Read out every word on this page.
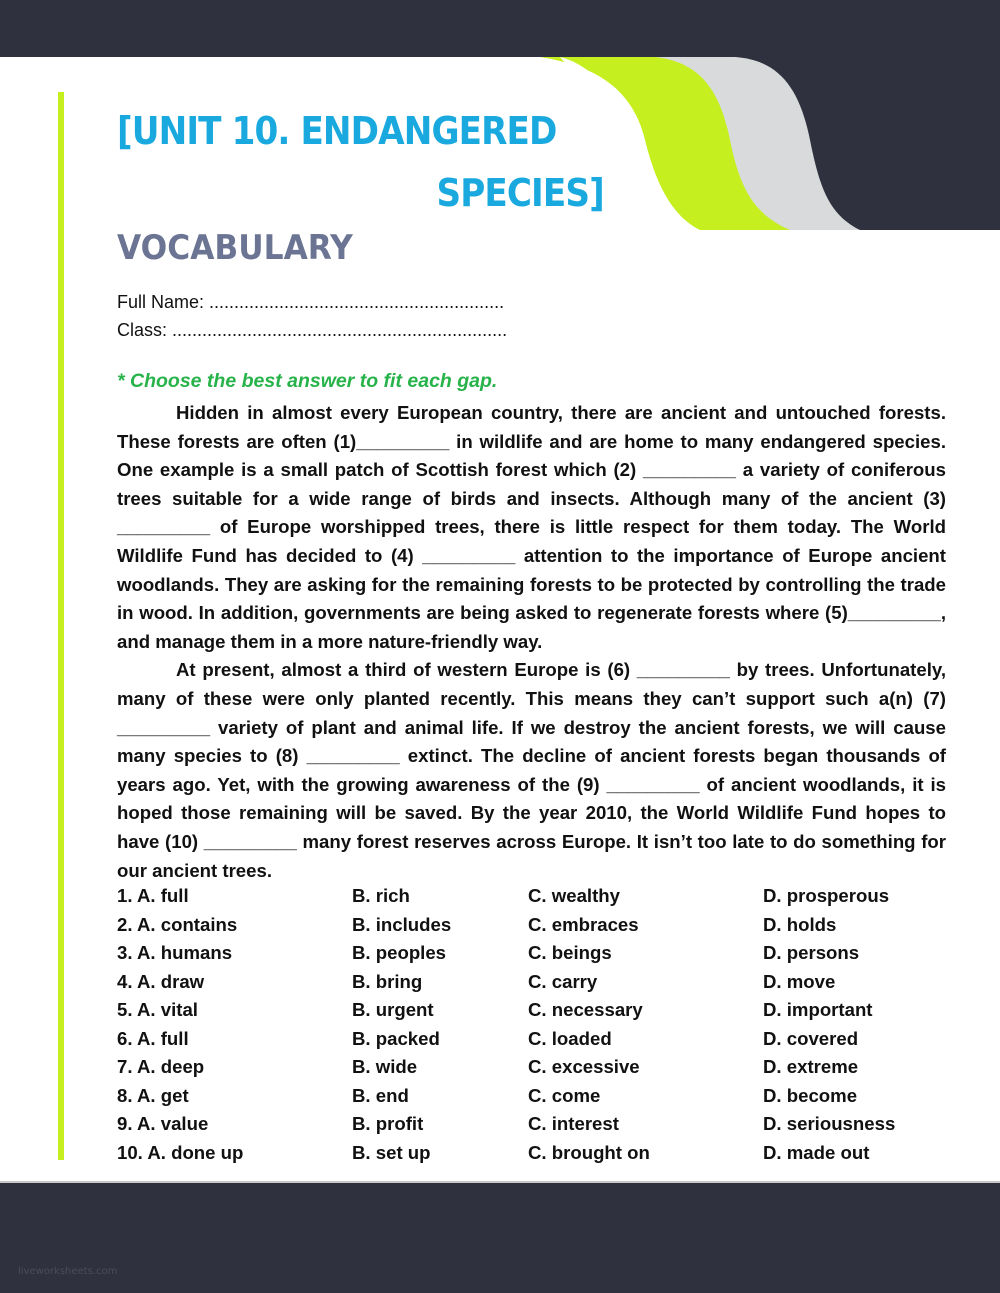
[UNIT 10. ENDANGERED
SPECIES]
VOCABULARY
Full Name: ...........................................................
Class: ...................................................................
* Choose the best answer to fit each gap.

Hidden in almost every European country, there are ancient and untouched forests. These forests are often (1)_________ in wildlife and are home to many endangered species. One example is a small patch of Scottish forest which (2) _________ a variety of coniferous trees suitable for a wide range of birds and insects. Although many of the ancient (3) _________ of Europe worshipped trees, there is little respect for them today. The World Wildlife Fund has decided to (4) _________ attention to the importance of Europe ancient woodlands. They are asking for the remaining forests to be protected by controlling the trade in wood. In addition, governments are being asked to regenerate forests where (5)_________, and manage them in a more nature-friendly way.

At present, almost a third of western Europe is (6) _________ by trees. Unfortunately, many of these were only planted recently. This means they can’t support such a(n) (7) _________ variety of plant and animal life. If we destroy the ancient forests, we will cause many species to (8) _________ extinct. The decline of ancient forests began thousands of years ago. Yet, with the growing awareness of the (9) _________ of ancient woodlands, it is hoped those remaining will be saved. By the year 2010, the World Wildlife Fund hopes to have (10) _________ many forest reserves across Europe. It isn’t too late to do something for our ancient trees.

1. A. full	B. rich	C. wealthy	D. prosperous
2. A. contains	B. includes	C. embraces	D. holds
3. A. humans	B. peoples	C. beings	D. persons
4. A. draw	B. bring	C. carry	D. move
5. A. vital	B. urgent	C. necessary	D. important
6. A. full	B. packed	C. loaded	D. covered
7. A. deep	B. wide	C. excessive	D. extreme
8. A. get	B. end	C. come	D. become
9. A. value	B. profit	C. interest	D. seriousness
10. A. done up	B. set up	C. brought on	D. made out
liveworksheets.com
